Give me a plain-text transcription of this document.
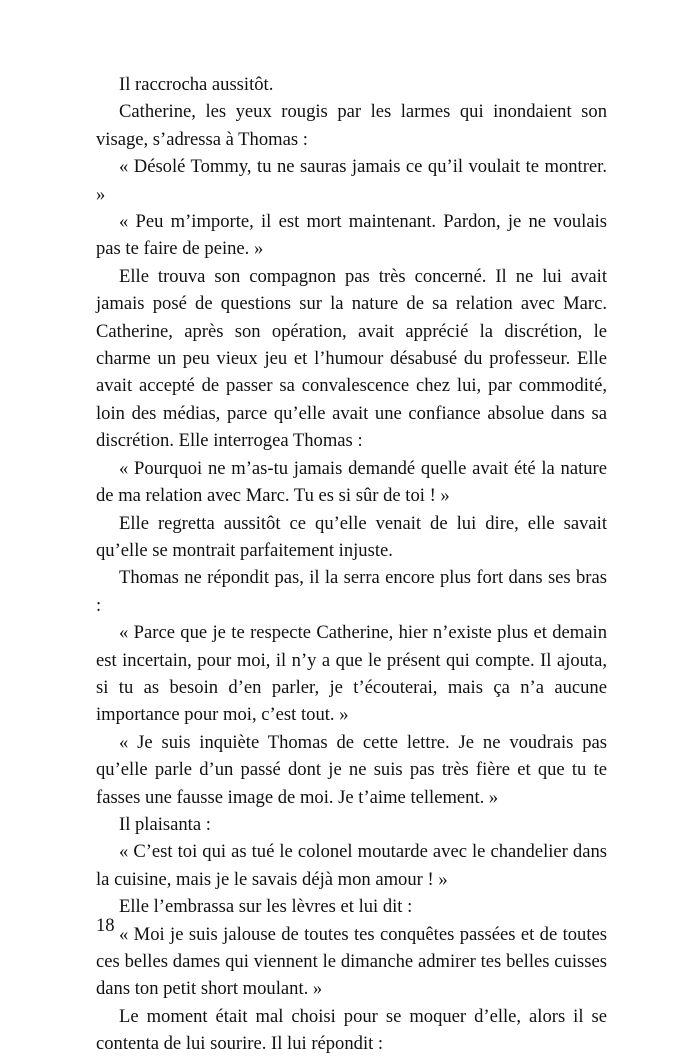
Il raccrocha aussitôt.

Catherine, les yeux rougis par les larmes qui inondaient son visage, s’adressa à Thomas :

« Désolé Tommy, tu ne sauras jamais ce qu’il voulait te montrer. »

« Peu m’importe, il est mort maintenant. Pardon, je ne voulais pas te faire de peine. »

Elle trouva son compagnon pas très concerné. Il ne lui avait jamais posé de questions sur la nature de sa relation avec Marc. Catherine, après son opération, avait apprécié la discrétion, le charme un peu vieux jeu et l’humour désabusé du professeur. Elle avait accepté de passer sa convalescence chez lui, par commodité, loin des médias, parce qu’elle avait une confiance absolue dans sa discrétion. Elle interrogea Thomas :

« Pourquoi ne m’as-tu jamais demandé quelle avait été la nature de ma relation avec Marc. Tu es si sûr de toi ! »

Elle regretta aussitôt ce qu’elle venait de lui dire, elle savait qu’elle se montrait parfaitement injuste.

Thomas ne répondit pas, il la serra encore plus fort dans ses bras :

« Parce que je te respecte Catherine, hier n’existe plus et demain est incertain, pour moi, il n’y a que le présent qui compte. Il ajouta, si tu as besoin d’en parler, je t’écouterai, mais ça n’a aucune importance pour moi, c’est tout. »

« Je suis inquiète Thomas de cette lettre. Je ne voudrais pas qu’elle parle d’un passé dont je ne suis pas très fière et que tu te fasses une fausse image de moi. Je t’aime tellement. »

Il plaisanta :

« C’est toi qui as tué le colonel moutarde avec le chandelier dans la cuisine, mais je le savais déjà mon amour ! »

Elle l’embrassa sur les lèvres et lui dit :

« Moi je suis jalouse de toutes tes conquêtes passées et de toutes ces belles dames qui viennent le dimanche admirer tes belles cuisses dans ton petit short moulant. »

Le moment était mal choisi pour se moquer d’elle, alors il se contenta de lui sourire. Il lui répondit :

18
